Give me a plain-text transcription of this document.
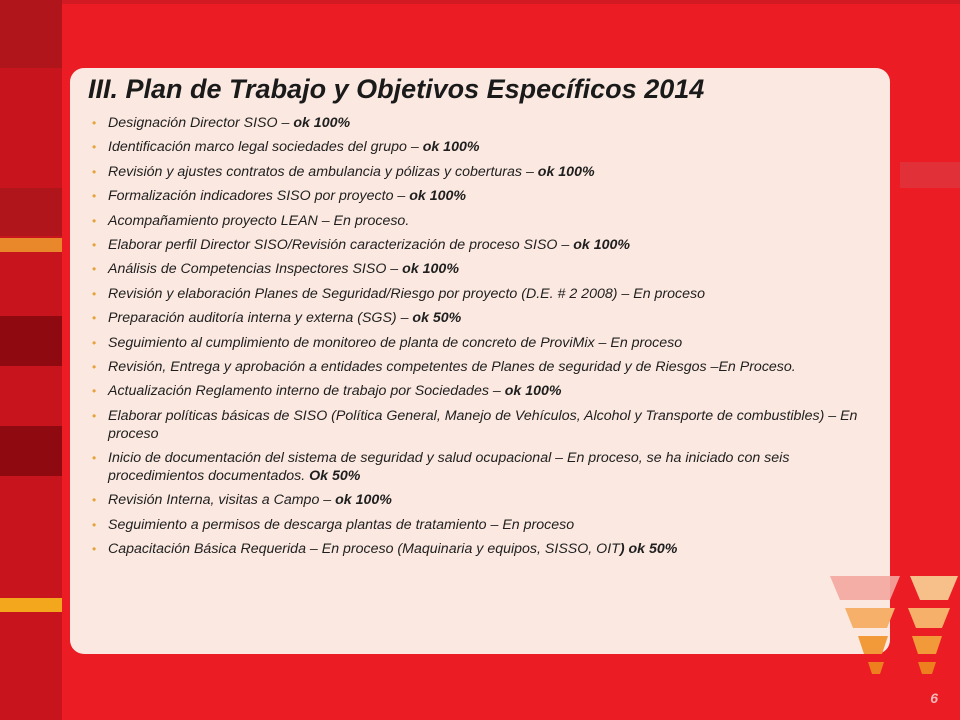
III. Plan de Trabajo y Objetivos Específicos 2014
• Designación Director SISO – ok 100%
• Identificación marco legal sociedades del grupo – ok 100%
• Revisión y ajustes contratos de ambulancia y pólizas y coberturas – ok 100%
• Formalización indicadores SISO por proyecto – ok 100%
• Acompañamiento proyecto LEAN – En proceso.
• Elaborar perfil Director SISO/Revisión caracterización de proceso SISO – ok 100%
• Análisis de Competencias Inspectores SISO – ok 100%
• Revisión y elaboración Planes de Seguridad/Riesgo por proyecto (D.E. # 2 2008) – En proceso
• Preparación auditoría interna y externa (SGS) – ok 50%
• Seguimiento al cumplimiento de monitoreo de planta de concreto de ProviMix – En proceso
• Revisión, Entrega y aprobación a entidades competentes de Planes de seguridad y de Riesgos –En Proceso.
• Actualización Reglamento interno de trabajo por Sociedades – ok 100%
• Elaborar políticas básicas de SISO (Política General, Manejo de Vehículos, Alcohol y Transporte de combustibles) – En proceso
• Inicio de documentación del sistema de seguridad y salud ocupacional – En proceso, se ha iniciado con seis procedimientos documentados. Ok 50%
• Revisión Interna, visitas a Campo – ok 100%
• Seguimiento a permisos de descarga plantas de tratamiento – En proceso
• Capacitación Básica Requerida – En proceso (Maquinaria y equipos, SISSO, OIT) ok 50%
6
